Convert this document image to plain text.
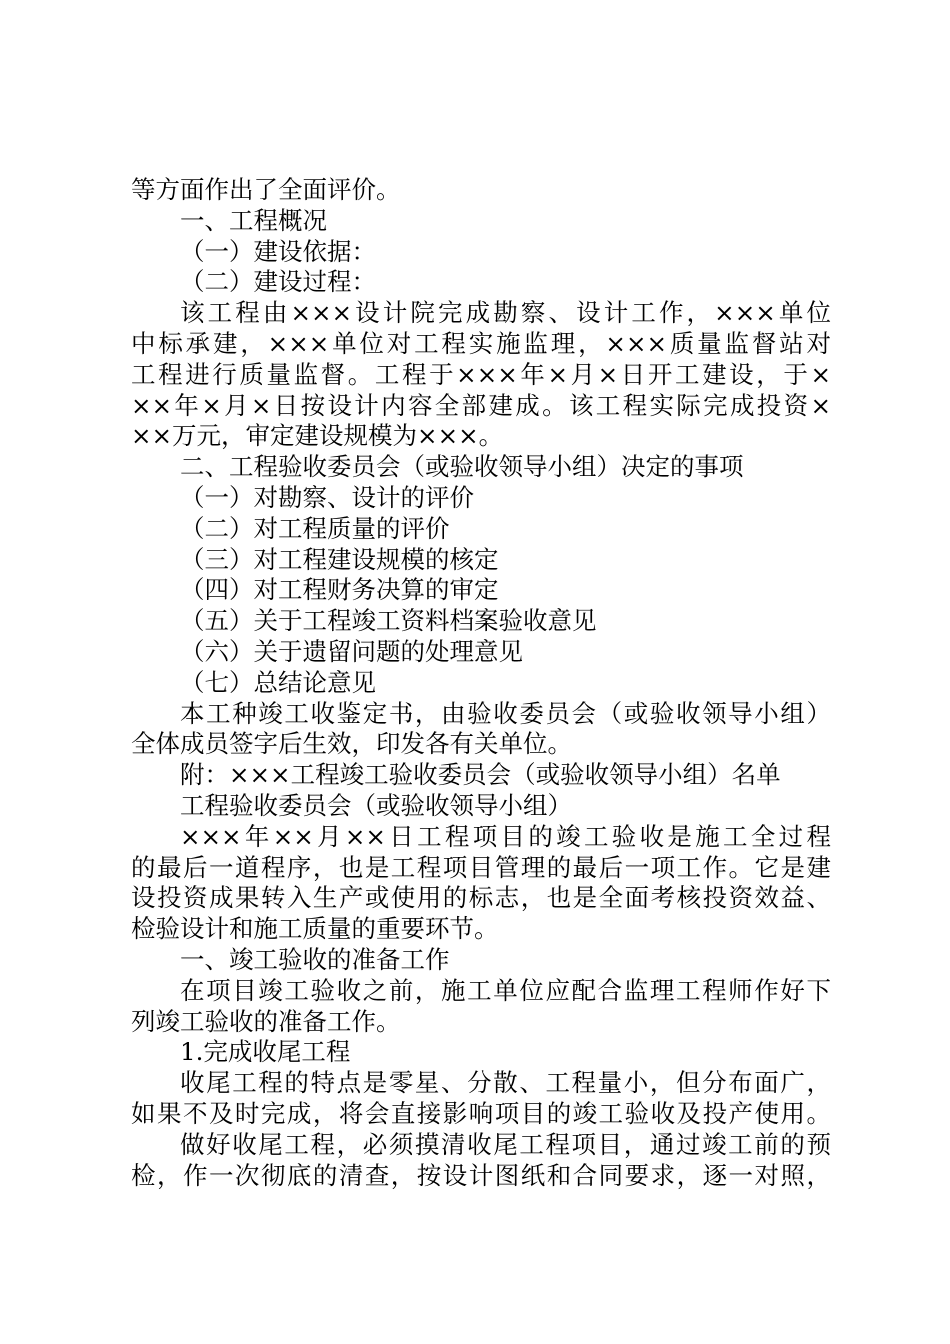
等方面作出了全面评价。
一、工程概况
（一）建设依据：
（二）建设过程：
该工程由×××设计院完成勘察、设计工作，×××单位
中标承建，×××单位对工程实施监理，×××质量监督站对
工程进行质量监督。工程于×××年×月×日开工建设，于×
××年×月×日按设计内容全部建成。该工程实际完成投资×
××万元，审定建设规模为×××。
二、工程验收委员会（或验收领导小组）决定的事项
（一）对勘察、设计的评价
（二）对工程质量的评价
（三）对工程建设规模的核定
（四）对工程财务决算的审定
（五）关于工程竣工资料档案验收意见
（六）关于遗留问题的处理意见
（七）总结论意见
本工种竣工收鉴定书，由验收委员会（或验收领导小组）
全体成员签字后生效，印发各有关单位。
附：×××工程竣工验收委员会（或验收领导小组）名单
工程验收委员会（或验收领导小组）
×××年××月××日工程项目的竣工验收是施工全过程
的最后一道程序，也是工程项目管理的最后一项工作。它是建
设投资成果转入生产或使用的标志，也是全面考核投资效益、
检验设计和施工质量的重要环节。
一、竣工验收的准备工作
在项目竣工验收之前，施工单位应配合监理工程师作好下
列竣工验收的准备工作。
1.完成收尾工程
收尾工程的特点是零星、分散、工程量小，但分布面广，
如果不及时完成，将会直接影响项目的竣工验收及投产使用。
做好收尾工程，必须摸清收尾工程项目，通过竣工前的预
检，作一次彻底的清查，按设计图纸和合同要求，逐一对照，
